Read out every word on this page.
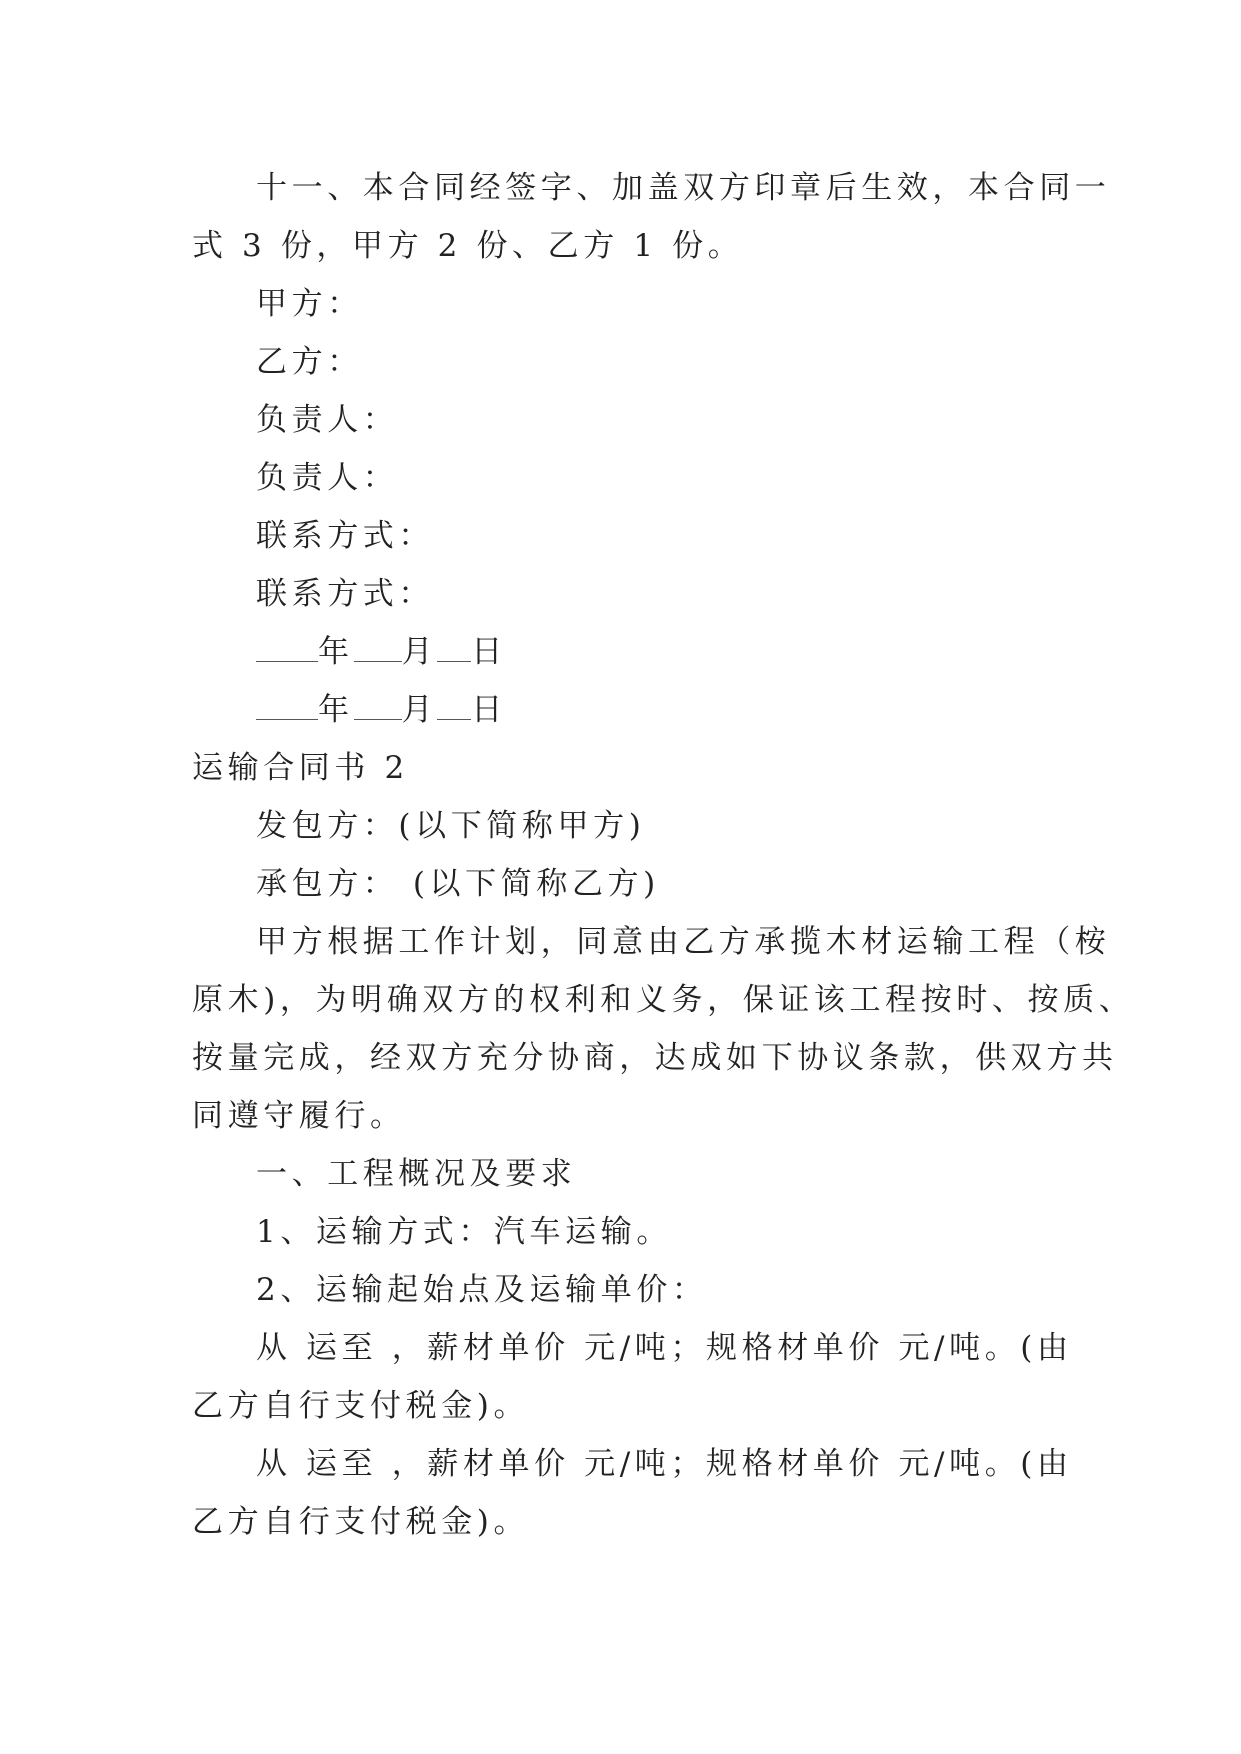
十一、本合同经签字、加盖双方印章后生效，本合同一
式 3 份，甲方 2 份、乙方 1 份。
甲方：
乙方：
负责人：
负责人：
联系方式：
联系方式：
年 月 日
年 月 日
运输合同书 2
发包方：(以下简称甲方)
承包方： (以下简称乙方)
甲方根据工作计划，同意由乙方承揽木材运输工程（桉
原木)，为明确双方的权利和义务，保证该工程按时、按质、
按量完成，经双方充分协商，达成如下协议条款，供双方共
同遵守履行。
一、工程概况及要求
1、运输方式：汽车运输。
2、运输起始点及运输单价：
从 运至 ，薪材单价 元/吨；规格材单价 元/吨。(由
乙方自行支付税金)。
从 运至 ，薪材单价 元/吨；规格材单价 元/吨。(由
乙方自行支付税金)。
